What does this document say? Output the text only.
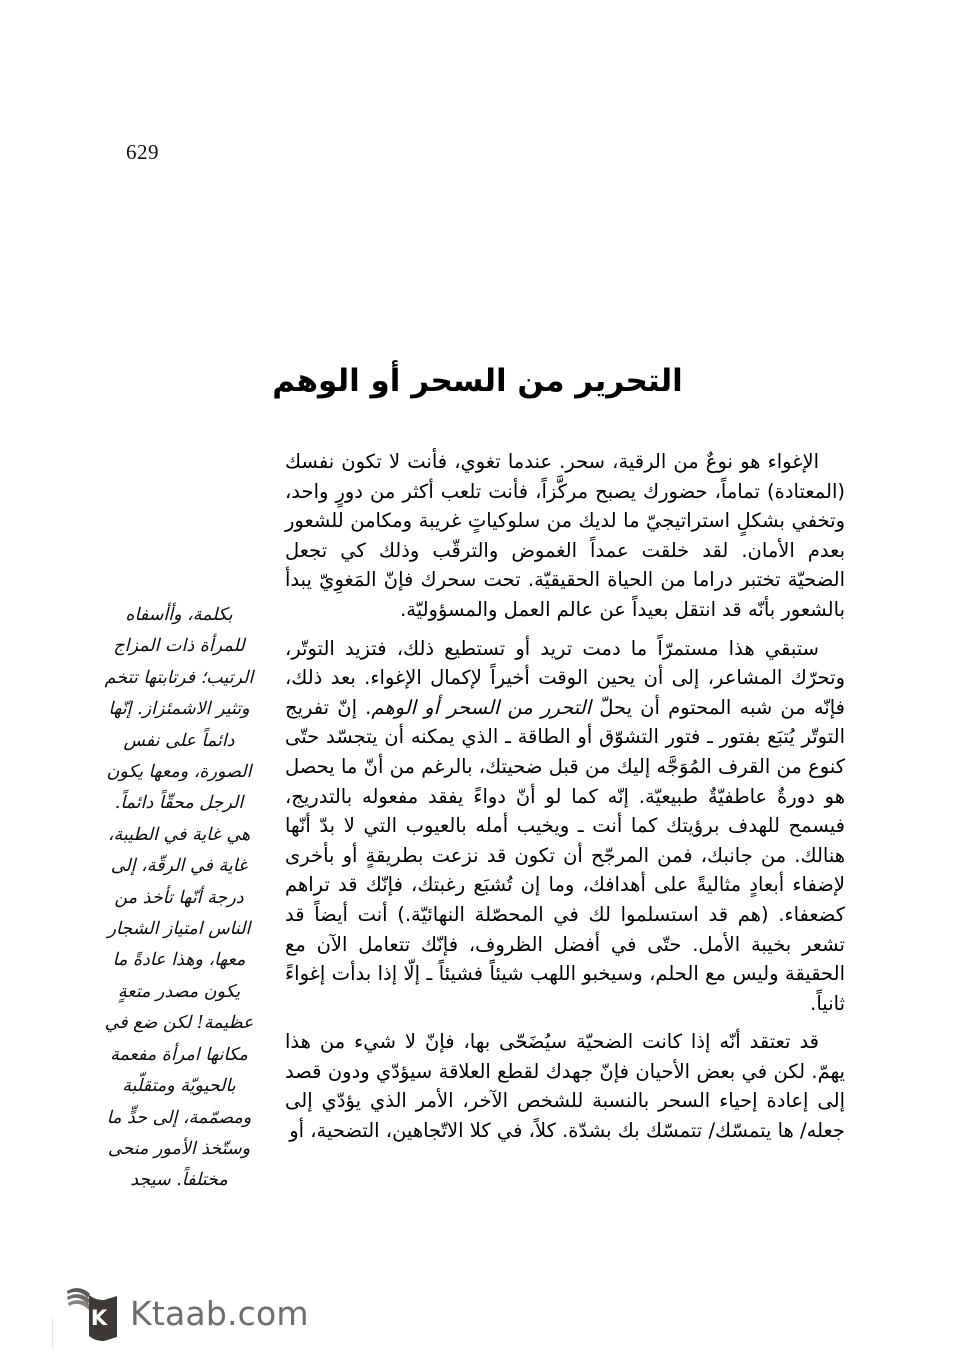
629
التحرير من السحر أو الوهم

الإغواء هو نوعٌ من الرقية، سحر. عندما تغوي، فأنت لا تكون نفسك (المعتادة) تماماً، حضورك يصبح مركَّزاً، فأنت تلعب أكثر من دورٍ واحد، وتخفي بشكلٍ استراتيجيّ ما لديك من سلوكياتٍ غريبة ومكامن للشعور بعدم الأمان. لقد خلقت عمداً الغموض والترقّب وذلك كي تجعل الضحيّة تختبر دراما من الحياة الحقيقيّة. تحت سحرك فإنّ المَغوِيّ يبدأ بالشعور بأنّه قد انتقل بعيداً عن عالم العمل والمسؤوليّة.

ستبقي هذا مستمرّاً ما دمت تريد أو تستطيع ذلك، فتزيد التوتّر، وتحرّك المشاعر، إلى أن يحين الوقت أخيراً لإكمال الإغواء. بعد ذلك، فإنّه من شبه المحتوم أن يحلّ التحرر من السحر أو الوهم. إنّ تفريج التوتّر يُتبَع بفتور ـ فتور التشوّق أو الطاقة ـ الذي يمكنه أن يتجسّد حتّى كنوع من القرف المُوَجَّه إليك من قبل ضحيتك، بالرغم من أنّ ما يحصل هو دورةٌ عاطفيّةٌ طبيعيّة. إنّه كما لو أنّ دواءً يفقد مفعوله بالتدريج، فيسمح للهدف برؤيتك كما أنت ـ ويخيب أمله بالعيوب التي لا بدّ أنّها هنالك. من جانبك، فمن المرجّح أن تكون قد نزعت بطريقةٍ أو بأخرى لإضفاء أبعادٍ مثاليةً على أهدافك، وما إن تُشبَع رغبتك، فإنّك قد تراهم كضعفاء. (هم قد استسلموا لك في المحصّلة النهائيّة.) أنت أيضاً قد تشعر بخيبة الأمل. حتّى في أفضل الظروف، فإنّك تتعامل الآن مع الحقيقة وليس مع الحلم، وسيخبو اللهب شيئاً فشيئاً ـ إلّا إذا بدأت إغواءً ثانياً.

قد تعتقد أنّه إذا كانت الضحيّة سيُضَحّى بها، فإنّ لا شيء من هذا يهمّ. لكن في بعض الأحيان فإنّ جهدك لقطع العلاقة سيؤدّي ودون قصد إلى إعادة إحياء السحر بالنسبة للشخص الآخر، الأمر الذي يؤدّي إلى جعله/ ها يتمسّك/ تتمسّك بك بشدّة. كلاً، في كلا الاتّجاهين، التضحية، أو

بكلمة، وأأسفاه للمرأة ذات المزاج الرتيب؛ فرتابتها تتخم وتثير الاشمئزاز. إنّها دائماً على نفس الصورة، ومعها يكون الرجل محقّاً دائماً. هي غاية في الطيبة، غاية في الرقّة، إلى درجة أنّها تأخذ من الناس امتياز الشجار معها، وهذا عادةً ما يكون مصدر متعةٍ عظيمة! لكن ضع في مكانها امرأة مفعمة بالحيويّة ومتقلّبة ومصمّمة، إلى حدٍّ ما وستّخذ الأمور منحى مختلفاً. سيجد
K Ktaab.com
